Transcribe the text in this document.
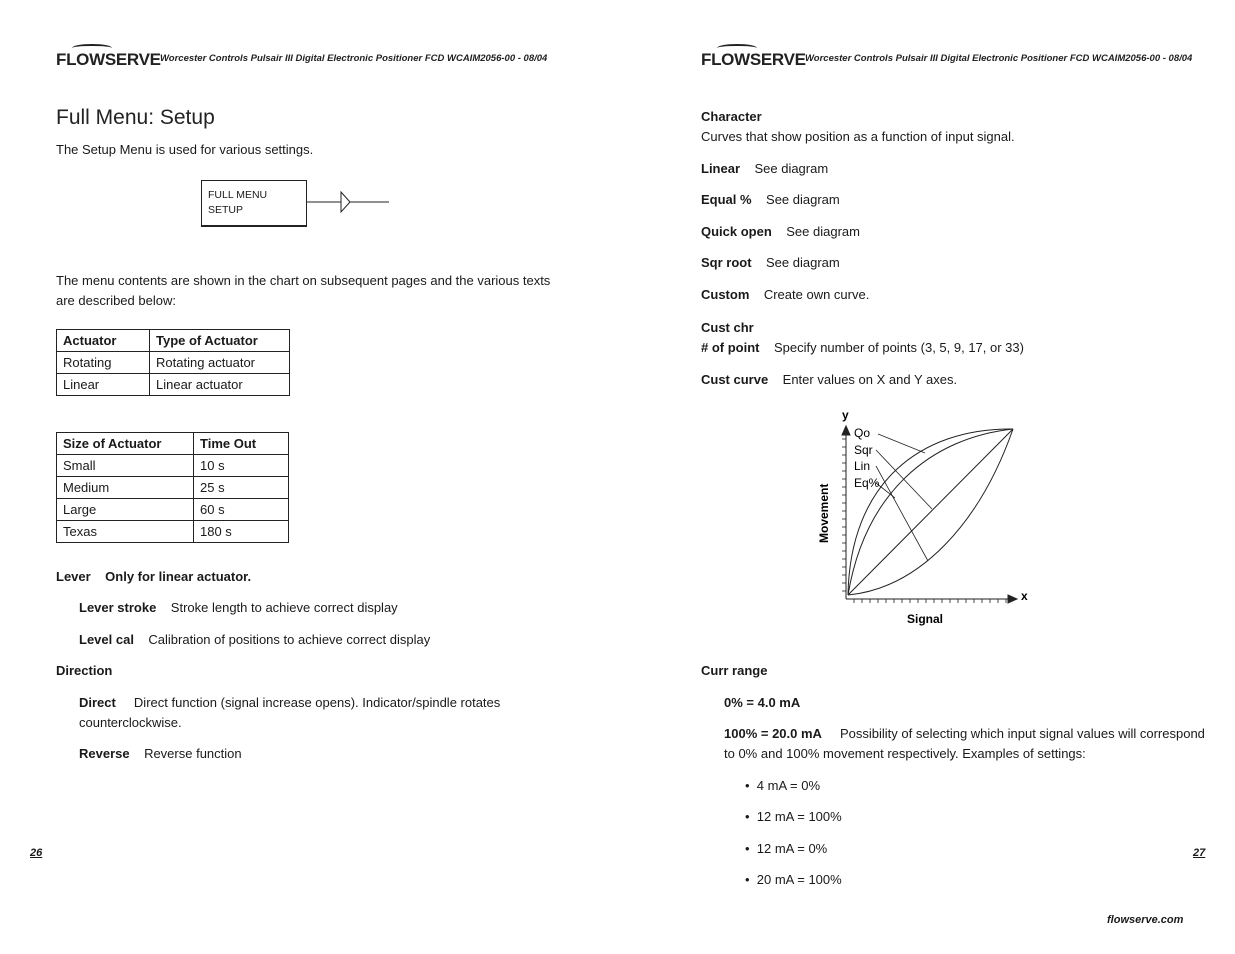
FLOWSERVE Worcester Controls Pulsair III Digital Electronic Positioner FCD WCAIM2056-00 - 08/04
Full Menu: Setup
The Setup Menu is used for various settings.
FULL MENU
SETUP
The menu contents are shown in the chart on subsequent pages and the various texts
are described below:
Actuator	Type of Actuator
Rotating	Rotating actuator
Linear	Linear actuator
Size of Actuator	Time Out
Small	10 s
Medium	25 s
Large	60 s
Texas	180 s
Lever Only for linear actuator.
Lever stroke Stroke length to achieve correct display
Level cal Calibration of positions to achieve correct display
Direction
Direct Direct function (signal increase opens). Indicator/spindle rotates
counterclockwise.
Reverse Reverse function
26
FLOWSERVE Worcester Controls Pulsair III Digital Electronic Positioner FCD WCAIM2056-00 - 08/04
Character
Curves that show position as a function of input signal.
Linear See diagram
Equal % See diagram
Quick open See diagram
Sqr root See diagram
Custom Create own curve.
Cust chr
# of point Specify number of points (3, 5, 9, 17, or 33)
Cust curve Enter values on X and Y axes.
y
x
Qo
Sqr
Lin
Eq%
Movement
Signal
Curr range
0% = 4.0 mA
100% = 20.0 mA Possibility of selecting which input signal values will correspond
to 0% and 100% movement respectively. Examples of settings:
•  4 mA = 0%
•  12 mA = 100%
•  12 mA = 0%
•  20 mA = 100%
27
flowserve.com
